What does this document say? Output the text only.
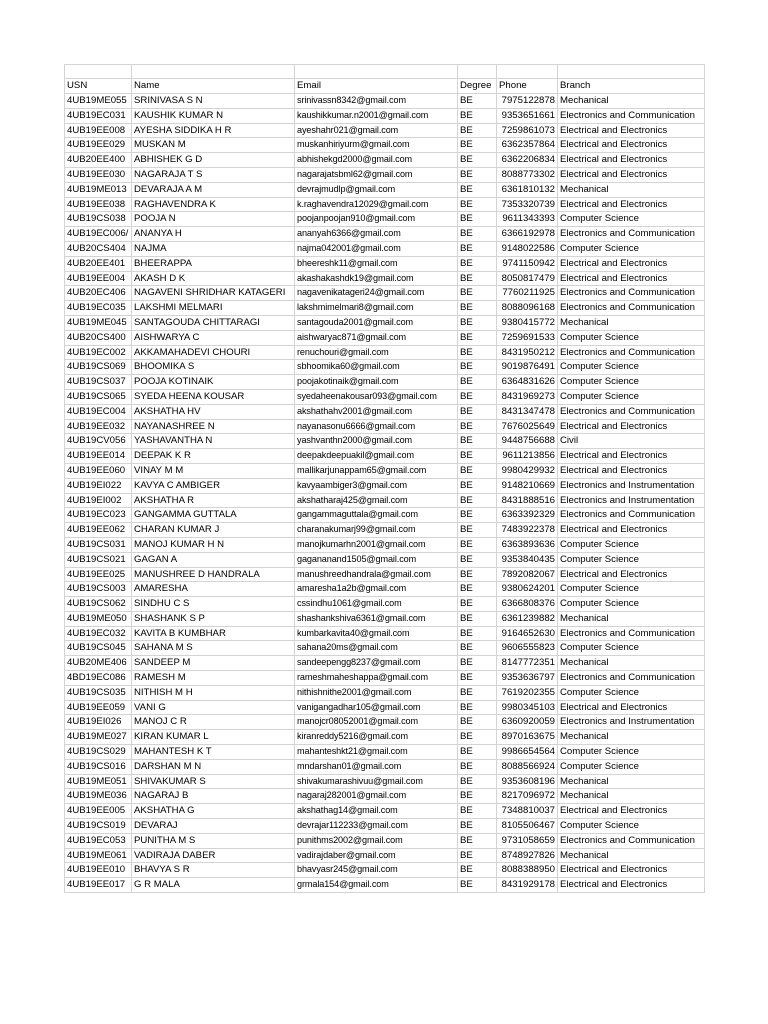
USN	Name	Email	Degree	Phone	Branch
4UB19ME055	SRINIVASA S N	srinivassn8342@gmail.com	BE	7975122878	Mechanical
4UB19EC031	KAUSHIK KUMAR N	kaushikkumar.n2001@gmail.com	BE	9353651661	Electronics and Communication
4UB19EE008	AYESHA SIDDIKA H R	ayeshahr021@gmail.com	BE	7259861073	Electrical and Electronics
4UB19EE029	MUSKAN M	muskanhiriyurm@gmail.com	BE	6362357864	Electrical and Electronics
4UB20EE400	ABHISHEK G D	abhishekgd2000@gmail.com	BE	6362206834	Electrical and Electronics
4UB19EE030	NAGARAJA T S	nagarajatsbml62@gmail.com	BE	8088773302	Electrical and Electronics
4UB19ME013	DEVARAJA A M	devrajmudlp@gmail.com	BE	6361810132	Mechanical
4UB19EE038	RAGHAVENDRA K	k.raghavendra12029@gmail.com	BE	7353320739	Electrical and Electronics
4UB19CS038	POOJA N	poojanpoojan910@gmail.com	BE	9611343393	Computer Science
4UB19EC006/	ANANYA H	ananyah6366@gmail.com	BE	6366192978	Electronics and Communication
4UB20CS404	NAJMA	najma042001@gmail.com	BE	9148022586	Computer Science
4UB20EE401	BHEERAPPA	bheereshk11@gmail.com	BE	9741150942	Electrical and Electronics
4UB19EE004	AKASH D K	akashakashdk19@gmail.com	BE	8050817479	Electrical and Electronics
4UB20EC406	NAGAVENI SHRIDHAR KATAGERI	nagavenikatageri24@gmail.com	BE	7760211925	Electronics and Communication
4UB19EC035	LAKSHMI MELMARI	lakshmimelmari8@gmail.com	BE	8088096168	Electronics and Communication
4UB19ME045	SANTAGOUDA CHITTARAGI	santagouda2001@gmail.com	BE	9380415772	Mechanical
4UB20CS400	AISHWARYA C	aishwaryac871@gmail.com	BE	7259691533	Computer Science
4UB19EC002	AKKAMAHADEVI CHOURI	renuchouri@gmail.com	BE	8431950212	Electronics and Communication
4UB19CS069	BHOOMIKA S	sbhoomika60@gmail.com	BE	9019876491	Computer Science
4UB19CS037	POOJA KOTINAIK	poojakotinaik@gmail.com	BE	6364831626	Computer Science
4UB19CS065	SYEDA HEENA KOUSAR	syedaheenakousar093@gmail.com	BE	8431969273	Computer Science
4UB19EC004	AKSHATHA HV	akshathahv2001@gmail.com	BE	8431347478	Electronics and Communication
4UB19EE032	NAYANASHREE N	nayanasonu6666@gmail.com	BE	7676025649	Electrical and Electronics
4UB19CV056	YASHAVANTHA N	yashvanthn2000@gmail.com	BE	9448756688	Civil
4UB19EE014	DEEPAK K R	deepakdeepuakil@gmail.com	BE	9611213856	Electrical and Electronics
4UB19EE060	VINAY M M	mallikarjunappam65@gmail.com	BE	9980429932	Electrical and Electronics
4UB19EI022	KAVYA C AMBIGER	kavyaambiger3@gmail.com	BE	9148210669	Electronics and Instrumentation
4UB19EI002	AKSHATHA R	akshatharaj425@gmail.com	BE	8431888516	Electronics and Instrumentation
4UB19EC023	GANGAMMA GUTTALA	gangammaguttala@gmail.com	BE	6363392329	Electronics and Communication
4UB19EE062	CHARAN KUMAR J	charanakumarj99@gmail.com	BE	7483922378	Electrical and Electronics
4UB19CS031	MANOJ KUMAR H N	manojkumarhn2001@gmail.com	BE	6363893636	Computer Science
4UB19CS021	GAGAN A	gagananand1505@gmail.com	BE	9353840435	Computer Science
4UB19EE025	MANUSHREE D HANDRALA	manushreedhandrala@gmail.com	BE	7892082067	Electrical and Electronics
4UB19CS003	AMARESHA	amaresha1a2b@gmail.com	BE	9380624201	Computer Science
4UB19CS062	SINDHU C S	cssindhu1061@gmail.com	BE	6366808376	Computer Science
4UB19ME050	SHASHANK S P	shashankshiva6361@gmail.com	BE	6361239882	Mechanical
4UB19EC032	KAVITA B KUMBHAR	kumbarkavita40@gmail.com	BE	9164652630	Electronics and Communication
4UB19CS045	SAHANA M S	sahana20ms@gmail.com	BE	9606555823	Computer Science
4UB20ME406	SANDEEP M	sandeepengg8237@gmail.com	BE	8147772351	Mechanical
4BD19EC086	RAMESH M	rameshmaheshappa@gmail.com	BE	9353636797	Electronics and Communication
4UB19CS035	NITHISH M H	nithishnithe2001@gmail.com	BE	7619202355	Computer Science
4UB19EE059	VANI G	vanigangadhar105@gmail.com	BE	9980345103	Electrical and Electronics
4UB19EI026	MANOJ C R	manojcr08052001@gmail.com	BE	6360920059	Electronics and Instrumentation
4UB19ME027	KIRAN KUMAR L	kiranreddy5216@gmail.com	BE	8970163675	Mechanical
4UB19CS029	MAHANTESH K T	mahanteshkt21@gmail.com	BE	9986654564	Computer Science
4UB19CS016	DARSHAN M N	mndarshan01@gmail.com	BE	8088566924	Computer Science
4UB19ME051	SHIVAKUMAR S	shivakumarashivuu@gmail.com	BE	9353608196	Mechanical
4UB19ME036	NAGARAJ B	nagaraj282001@gmail.com	BE	8217096972	Mechanical
4UB19EE005	AKSHATHA G	akshathag14@gmail.com	BE	7348810037	Electrical and Electronics
4UB19CS019	DEVARAJ	devrajar112233@gmail.com	BE	8105506467	Computer Science
4UB19EC053	PUNITHA M S	punithms2002@gmail.com	BE	9731058659	Electronics and Communication
4UB19ME061	VADIRAJA DABER	vadirajdaber@gmail.com	BE	8748927826	Mechanical
4UB19EE010	BHAVYA S R	bhavyasr245@gmail.com	BE	8088388950	Electrical and Electronics
4UB19EE017	G R MALA	grmala154@gmail.com	BE	8431929178	Electrical and Electronics
